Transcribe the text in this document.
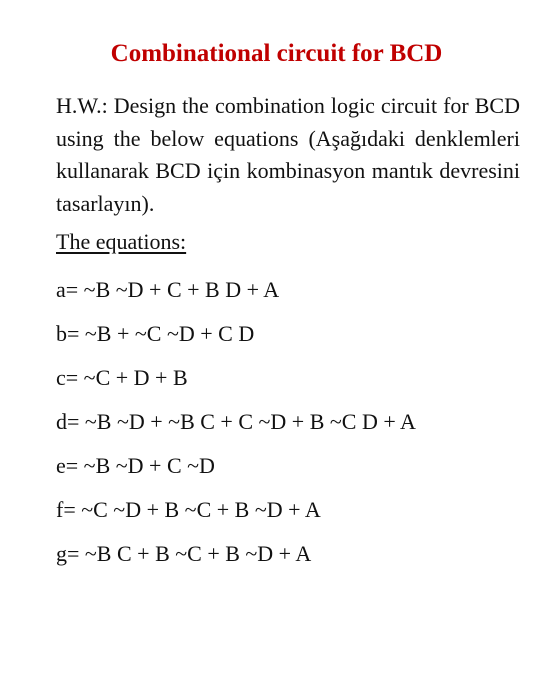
Combinational circuit for BCD

H.W.: Design the combination logic circuit for BCD using the below equations (Aşağıdaki denklemleri kullanarak BCD için kombinasyon mantık devresini tasarlayın).

The equations:

a= ~B ~D + C + B D + A
b= ~B + ~C ~D + C D
c= ~C + D + B
d= ~B ~D + ~B C + C ~D + B ~C D + A
e= ~B ~D + C ~D
f= ~C ~D + B ~C + B ~D + A
g= ~B C + B ~C + B ~D + A
